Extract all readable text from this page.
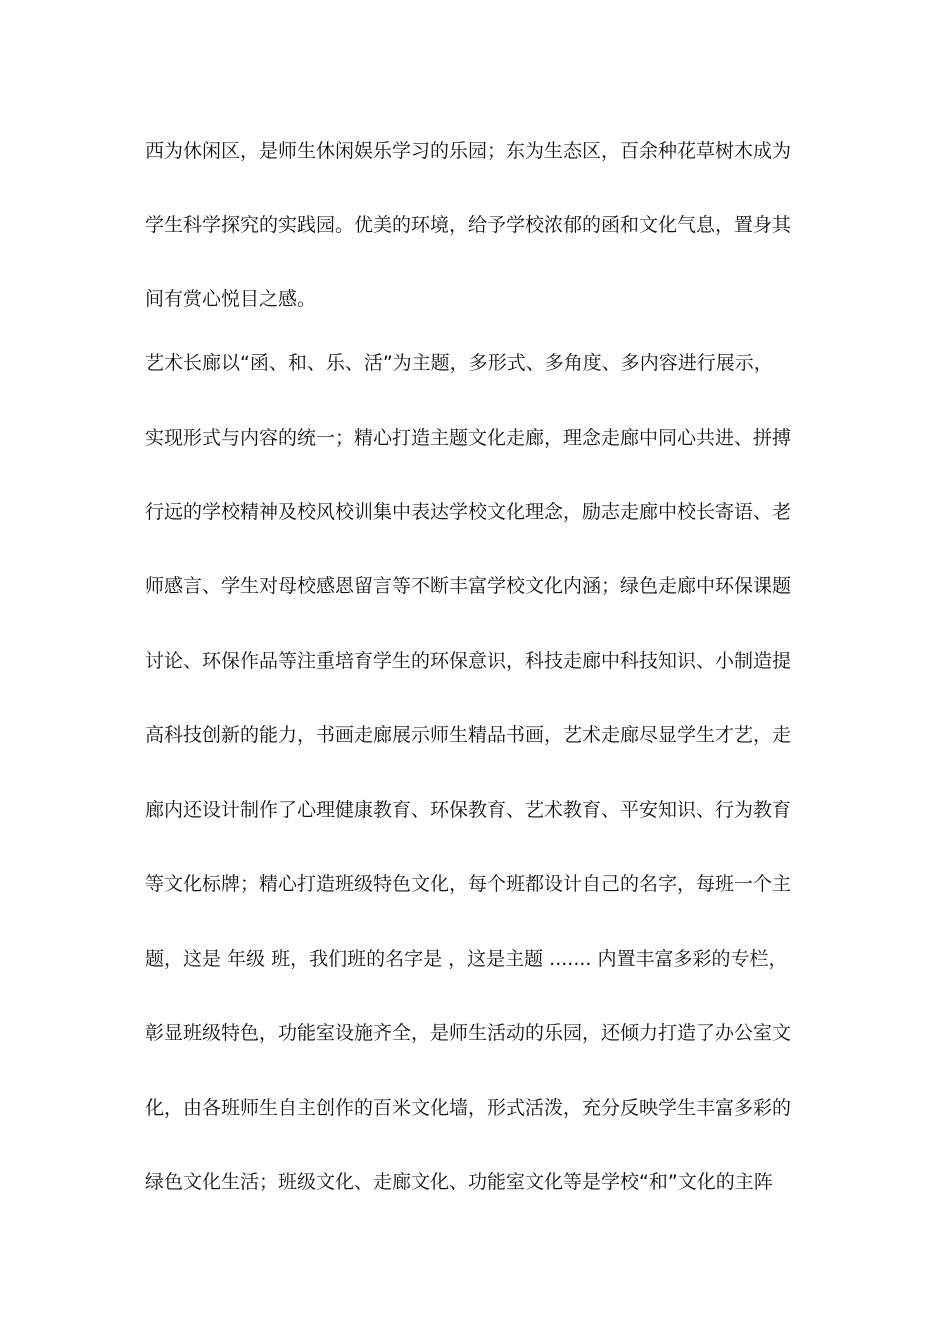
西为休闲区，是师生休闲娱乐学习的乐园；东为生态区，百余种花草树木成为
学生科学探究的实践园。优美的环境，给予学校浓郁的函和文化气息，置身其
间有赏心悦目之感。
艺术长廊以“函、和、乐、活”为主题，多形式、多角度、多内容进行展示，
实现形式与内容的统一；精心打造主题文化走廊，理念走廊中同心共进、拼搏
行远的学校精神及校风校训集中表达学校文化理念，励志走廊中校长寄语、老
师感言、学生对母校感恩留言等不断丰富学校文化内涵；绿色走廊中环保课题
讨论、环保作品等注重培育学生的环保意识，科技走廊中科技知识、小制造提
高科技创新的能力，书画走廊展示师生精品书画，艺术走廊尽显学生才艺，走
廊内还设计制作了心理健康教育、环保教育、艺术教育、平安知识、行为教育
等文化标牌；精心打造班级特色文化，每个班都设计自己的名字，每班一个主
题，这是 年级 班，我们班的名字是 ，这是主题 ....... 内置丰富多彩的专栏，
彰显班级特色，功能室设施齐全，是师生活动的乐园，还倾力打造了办公室文
化，由各班师生自主创作的百米文化墙，形式活泼，充分反映学生丰富多彩的
绿色文化生活；班级文化、走廊文化、功能室文化等是学校“和”文化的主阵
